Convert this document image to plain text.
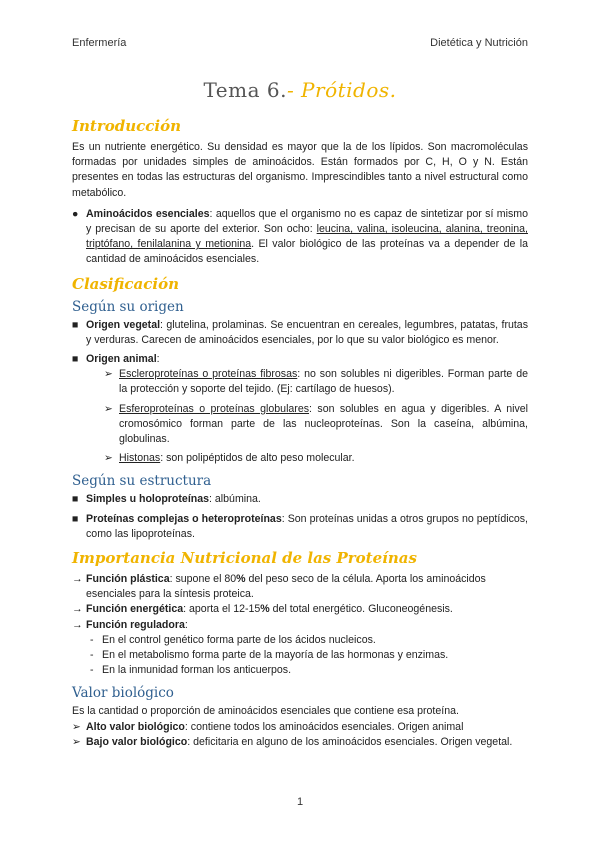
Enfermería	Dietética y Nutrición
Tema 6.- Prótidos.
Introducción

Es un nutriente energético. Su densidad es mayor que la de los lípidos. Son macromoléculas formadas por unidades simples de aminoácidos. Están formados por C, H, O y N. Están presentes en todas las estructuras del organismo. Imprescindibles tanto a nivel estructural como metabólico.

● Aminoácidos esenciales: aquellos que el organismo no es capaz de sintetizar por sí mismo y precisan de su aporte del exterior. Son ocho: leucina, valina, isoleucina, alanina, treonina, triptófano, fenilalanina y metionina. El valor biológico de las proteínas va a depender de la cantidad de aminoácidos esenciales.
Clasificación
Según su origen
■ Origen vegetal: glutelina, prolaminas. Se encuentran en cereales, legumbres, patatas, frutas y verduras. Carecen de aminoácidos esenciales, por lo que su valor biológico es menor.
■ Origen animal:
➢ Escleroproteínas o proteínas fibrosas: no son solubles ni digeribles. Forman parte de la protección y soporte del tejido. (Ej: cartílago de huesos).
➢ Esferoproteínas o proteínas globulares: son solubles en agua y digeribles. A nivel cromosómico forman parte de las nucleoproteínas. Son la caseína, albúmina, globulinas.
➢ Histonas: son polipéptidos de alto peso molecular.
Según su estructura
■ Simples u holoproteínas: albúmina.
■ Proteínas complejas o heteroproteínas: Son proteínas unidas a otros grupos no peptídicos, como las lipoproteínas.
Importancia Nutricional de las Proteínas
→ Función plástica: supone el 80% del peso seco de la célula. Aporta los aminoácidos esenciales para la síntesis proteica.
→ Función energética: aporta el 12-15% del total energético. Gluconeogénesis.
→ Función reguladora:
- En el control genético forma parte de los ácidos nucleicos.
- En el metabolismo forma parte de la mayoría de las hormonas y enzimas.
- En la inmunidad forman los anticuerpos.
Valor biológico

Es la cantidad o proporción de aminoácidos esenciales que contiene esa proteína.

➢ Alto valor biológico: contiene todos los aminoácidos esenciales. Origen animal
➢ Bajo valor biológico: deficitaria en alguno de los aminoácidos esenciales. Origen vegetal.
1
